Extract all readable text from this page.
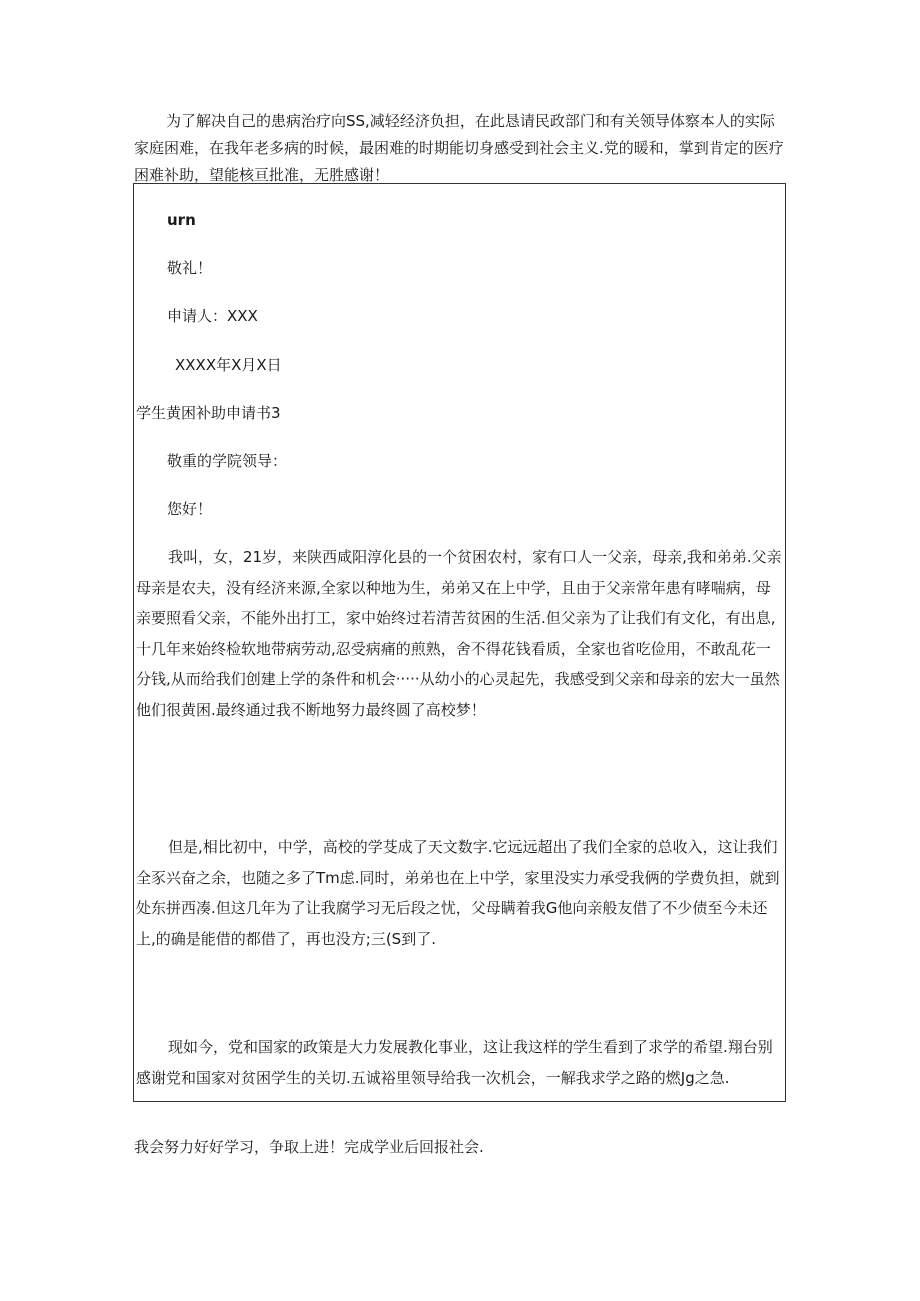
为了解决自己的患病治疗向SS,减轻经济负担，在此恳请民政部门和有关领导体察本人的实际家庭困难，在我年老多病的时候，最困难的时期能切身感受到社会主义.党的暖和，掌到肯定的医疗困难补助，望能核亘批准，无胜感谢！

urn

敬礼！

申请人：XXX

XXXX年X月X日

学生黄困补助申请书3

敬重的学院领导：

您好！

我叫，女，21岁，来陕西咸阳淳化县的一个贫困农村，家有口人一父亲，母亲,我和弟弟.父亲母亲是农夫，没有经济来源,全家以种地为生，弟弟又在上中学，且由于父亲常年患有哮喘病，母亲要照看父亲，不能外出打工，家中始终过若清苦贫困的生活.但父亲为了让我们有文化，有出息,十几年来始终检软地带病劳动,忍受病痛的煎熟，舍不得花钱看质，全家也省吃俭用，不敢乱花一分钱,从而给我们创建上学的条件和机会·····从幼小的心灵起先，我感受到父亲和母亲的宏大一虽然他们很黄困.最终通过我不断地努力最终圆了高校梦！

但是,相比初中，中学，高校的学芟成了天文数字.它远远超出了我们全家的总收入，这让我们全豕兴奋之余，也随之多了Tm虑.同时，弟弟也在上中学，家里没实力承受我俩的学费负担，就到处东拼西凑.但这几年为了让我腐学习无后段之忧，父母瞒着我G他向亲般友借了不少债至今未还上,的确是能借的都借了，再也没方;三(S到了.

现如今，党和国家的政策是大力发展教化事业，这让我这样的学生看到了求学的希望.翔台别感谢党和国家对贫困学生的关切.五诚裕里领导给我一次机会，一解我求学之路的燃Jg之急.

我会努力好好学习，争取上进！完成学业后回报社会.
